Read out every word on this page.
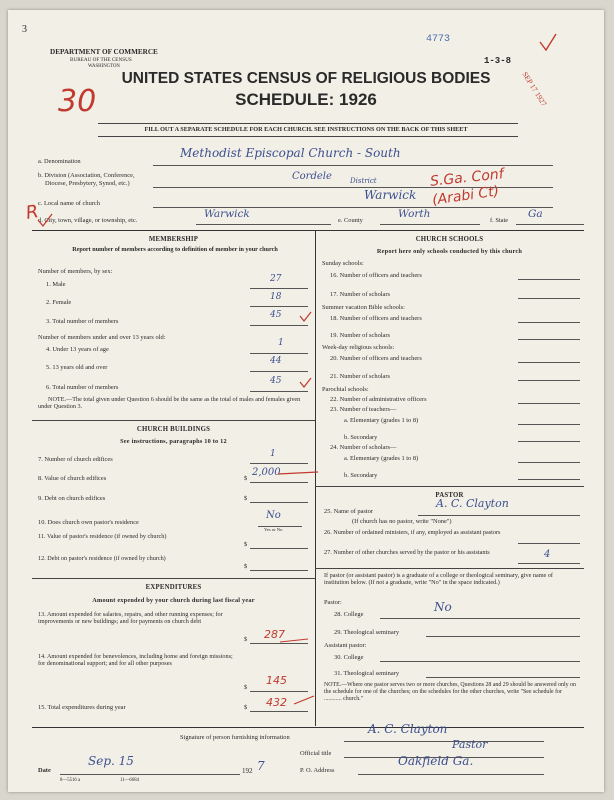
3
DEPARTMENT OF COMMERCE
BUREAU OF THE CENSUS
WASHINGTON
4773
1-3-8
SEP 17 1927
30
UNITED STATES CENSUS OF RELIGIOUS BODIES
SCHEDULE: 1926
FILL OUT A SEPARATE SCHEDULE FOR EACH CHURCH. SEE INSTRUCTIONS ON THE BACK OF THIS SHEET
a. Denomination
Methodist Episcopal Church - South
b. Division (Association, Conference,
Diocese, Presbytery, Synod, etc.)
Cordele	District	S.Ga. Conf
c. Local name of church
Warwick (Arabi Ct)
R
d. City, town, village, or township, etc.
Warwick
e. County
Worth
f. State
Ga
MEMBERSHIP
Report number of members according to definition of member in your church
Number of members, by sex:
1. Male
27
2. Female
18
3. Total number of members
45
Number of members under and over 13 years old:
4. Under 13 years of age
1
5. 13 years old and over
44
6. Total number of members
45
NOTE.—The total given under Question 6 should be the same as the total of males and females given under Question 3.
CHURCH BUILDINGS
See instructions, paragraphs 10 to 12
7. Number of church edifices
1
8. Value of church edifices	$
2,000
9. Debt on church edifices	$
10. Does church own pastor's residence
No
Yes or No
11. Value of pastor's residence (if owned by church)
$
12. Debt on pastor's residence (if owned by church)
$
EXPENDITURES
Amount expended by your church during last fiscal year
13. Amount expended for salaries, repairs, and other running expenses; for improvements or new buildings; and for payments on church debt
$ 287
14. Amount expended for benevolences, including home and foreign missions; for denominational support; and for all other purposes
$
145
15. Total expenditures during year	$ 432
CHURCH SCHOOLS
Report here only schools conducted by this church
Sunday schools:
16. Number of officers and teachers
17. Number of scholars
Summer vacation Bible schools:
18. Number of officers and teachers
19. Number of scholars
Week-day religious schools:
20. Number of officers and teachers
21. Number of scholars
Parochial schools:
22. Number of administrative officers
23. Number of teachers—
a. Elementary (grades 1 to 8)
b. Secondary
24. Number of scholars—
a. Elementary (grades 1 to 8)
b. Secondary
PASTOR
25. Name of pastor
A. C. Clayton
(If church has no pastor, write "None")
26. Number of ordained ministers, if any, employed as assistant pastors
27. Number of other churches served by the pastor or his assistants	4
If pastor (or assistant pastor) is a graduate of a college or theological seminary, give name of institution below. (If not a graduate, write "No" in the space indicated.)
Pastor:
28. College
No
29. Theological seminary
Assistant pastor:
30. College
31. Theological seminary
NOTE.—Where one pastor serves two or more churches, Questions 28 and 29 should be answered only on the schedule for one of the churches; on the schedules for the other churches, write "See schedule for ............ church."
Signature of person furnishing information
A. C. Clayton
Official title
Pastor
Date
Sep. 15
192 7	P. O. Address
Oakfield Ga.
8—5516 a	11—6684
